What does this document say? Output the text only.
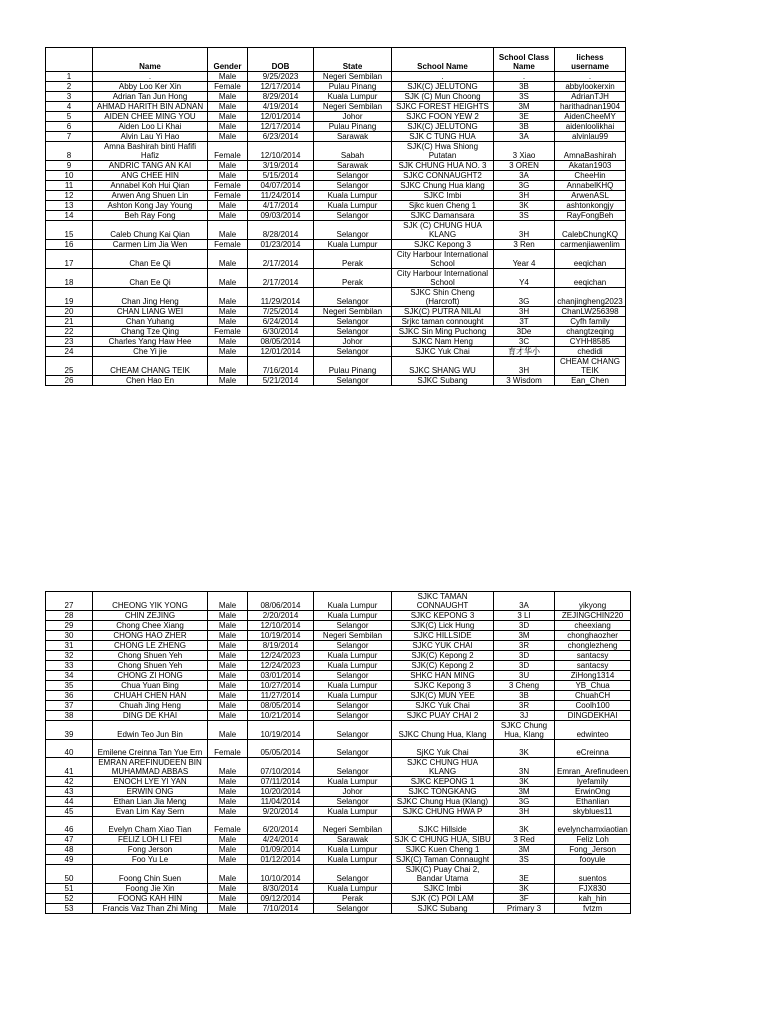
	Name	Gender	DOB	State	School Name	School Class Name	lichess username
1	.	Male	9/25/2023	Negeri Sembilan	.	.	.
2	Abby Loo Ker Xin	Female	12/17/2014	Pulau Pinang	SJK(C) JELUTONG	3B	abbylookerxin
3	Adrian Tan Jun Hong	Male	8/29/2014	Kuala Lumpur	SJK (C) Mun Choong	3S	AdrianTJH
4	AHMAD HARITH BIN ADNAN	Male	4/19/2014	Negeri Sembilan	SJKC FOREST HEIGHTS	3M	harithadnan1904
5	AIDEN CHEE MING YOU	Male	12/01/2014	Johor	SJKC FOON YEW 2	3E	AidenCheeMY
6	Aiden Loo Li Khai	Male	12/17/2014	Pulau Pinang	SJK(C) JELUTONG	3B	aidenloolikhai
7	Alvin Lau Yi Hao	Male	6/23/2014	Sarawak	SJK C TUNG HUA	3A	alvinlau99
8	Amna Bashirah binti Hafifi Hafiz	Female	12/10/2014	Sabah	SJK(C) Hwa Shiong Putatan	3 Xiao	AmnaBashirah
9	ANDRIC TANG AN KAI	Male	3/19/2014	Sarawak	SJK CHUNG HUA NO. 3	3 OREN	Akatan1903
10	ANG CHEE HIN	Male	5/15/2014	Selangor	SJKC CONNAUGHT2	3A	CheeHin
11	Annabel Koh Hui Qian	Female	04/07/2014	Selangor	SJKC Chung Hua klang	3G	AnnabelKHQ
12	Arwen Ang Shuen Lin	Female	11/24/2014	Kuala Lumpur	SJKC Imbi	3H	ArwenASL
13	Ashton Kong Jay Young	Male	4/17/2014	Kuala Lumpur	Sjkc kuen Cheng 1	3K	ashtonkongjy
14	Beh Ray Fong	Male	09/03/2014	Selangor	SJKC Damansara	3S	RayFongBeh
15	Caleb Chung Kai Qian	Male	8/28/2014	Selangor	SJK (C) CHUNG HUA KLANG	3H	CalebChungKQ
16	Carmen Lim Jia Wen	Female	01/23/2014	Kuala Lumpur	SJKC Kepong 3	3 Ren	carmenjiawenlim
17	Chan Ee Qi	Male	2/17/2014	Perak	City Harbour International School	Year 4	eeqichan
18	Chan Ee Qi	Male	2/17/2014	Perak	City Harbour International School	Y4	eeqichan
19	Chan Jing Heng	Male	11/29/2014	Selangor	SJKC Shin Cheng (Harcroft)	3G	chanjingheng2023
20	CHAN LIANG WEI	Male	7/25/2014	Negeri Sembilan	SJK(C) PUTRA NILAI	3H	ChanLW256398
21	Chan Yuhang	Male	6/24/2014	Selangor	Srjkc taman connought	3T	Cyfh family
22	Chang Tze Qing	Female	6/30/2014	Selangor	SJKC Sin Ming Puchong	3De	changtzeqing
23	Charles Yang Haw Hee	Male	08/05/2014	Johor	SJKC Nam Heng	3C	CYHH8585
24	Che Yi jie	Male	12/01/2014	Selangor	SJKC Yuk Chai	育才华小	chedidi
25	CHEAM CHANG TEIK	Male	7/16/2014	Pulau Pinang	SJKC SHANG WU	3H	CHEAM CHANG TEIK
26	Chen Hao En	Male	5/21/2014	Selangor	SJKC Subang	3 Wisdom	Ean_Chen
27	CHEONG YIK YONG	Male	08/06/2014	Kuala Lumpur	SJKC TAMAN CONNAUGHT	3A	yikyong
28	CHIN ZEJING	Male	2/20/2014	Kuala Lumpur	SJKC KEPONG 3	3 LI	ZEJINGCHIN220
29	Chong Chee Xiang	Male	12/10/2014	Selangor	SJK(C) Lick Hung	3D	cheexiang
30	CHONG HAO ZHER	Male	10/19/2014	Negeri Sembilan	SJKC HILLSIDE	3M	chonghaozher
31	CHONG LE ZHENG	Male	8/19/2014	Selangor	SJKC YUK CHAI	3R	chonglezheng
32	Chong Shuen Yeh	Male	12/24/2023	Kuala Lumpur	SJK(C) Kepong 2	3D	santacsy
33	Chong Shuen Yeh	Male	12/24/2023	Kuala Lumpur	SJK(C) Kepong 2	3D	santacsy
34	CHONG ZI HONG	Male	03/01/2014	Selangor	SHKC HAN MING	3U	ZiHong1314
35	Chua Yuan Bing	Male	10/27/2014	Kuala Lumpur	SJKC Kepong 3	3 Cheng	YB_Chua
36	CHUAH CHEN HAN	Male	11/27/2014	Kuala Lumpur	SJK(C) MUN YEE	3B	ChuahCH
37	Chuah Jing Heng	Male	08/05/2014	Selangor	SJKC Yuk Chai	3R	Coolh100
38	DING DE KHAI	Male	10/21/2014	Selangor	SJKC PUAY CHAI 2	3J	DINGDEKHAI
39	Edwin Teo Jun Bin	Male	10/19/2014	Selangor	SJKC Chung Hua, Klang	SJKC Chung Hua, Klang	edwinteo
40	Emilene Creinna Tan Yue Ern	Female	05/05/2014	Selangor	SjKC Yuk Chai	3K	eCreinna
41	EMRAN AREFINUDEEN BIN MUHAMMAD ABBAS	Male	07/10/2014	Selangor	SJKC CHUNG HUA KLANG	3N	Emran_Arefinudeen
42	ENOCH LYE YI YAN	Male	07/11/2014	Kuala Lumpur	SJKC KEPONG 1	3K	lyefamily
43	ERWIN ONG	Male	10/20/2014	Johor	SJKC TONGKANG	3M	ErwinOng
44	Ethan Lian Jia Meng	Male	11/04/2014	Selangor	SJKC Chung Hua (Klang)	3G	Ethanlian
45	Evan Lim Kay Sern	Male	9/20/2014	Kuala Lumpur	SJKC CHUNG HWA P	3H	skyblues11
46	Evelyn Cham Xiao Tian	Female	6/20/2014	Negeri Sembilan	SJKC Hillside	3K	evelynchamxiaotian
47	FELIZ LOH LI FEI	Male	4/24/2014	Sarawak	SJK C CHUNG HUA, SIBU	3 Red	Feliz Loh
48	Fong Jerson	Male	01/09/2014	Kuala Lumpur	SJKC Kuen Cheng 1	3M	Fong_Jerson
49	Foo Yu Le	Male	01/12/2014	Kuala Lumpur	SJK(C) Taman Connaught	3S	fooyule
50	Foong Chin Suen	Male	10/10/2014	Selangor	SJK(C) Puay Chai 2, Bandar Utama	3E	suentos
51	Foong Jie Xin	Male	8/30/2014	Kuala Lumpur	SJKC Imbi	3K	FJX830
52	FOONG KAH HIN	Male	09/12/2014	Perak	SJK (C) POI LAM	3F	kah_hin
53	Francis Vaz Than Zhi Ming	Male	7/10/2014	Selangor	SJKC Subang	Primary 3	fvtzm
